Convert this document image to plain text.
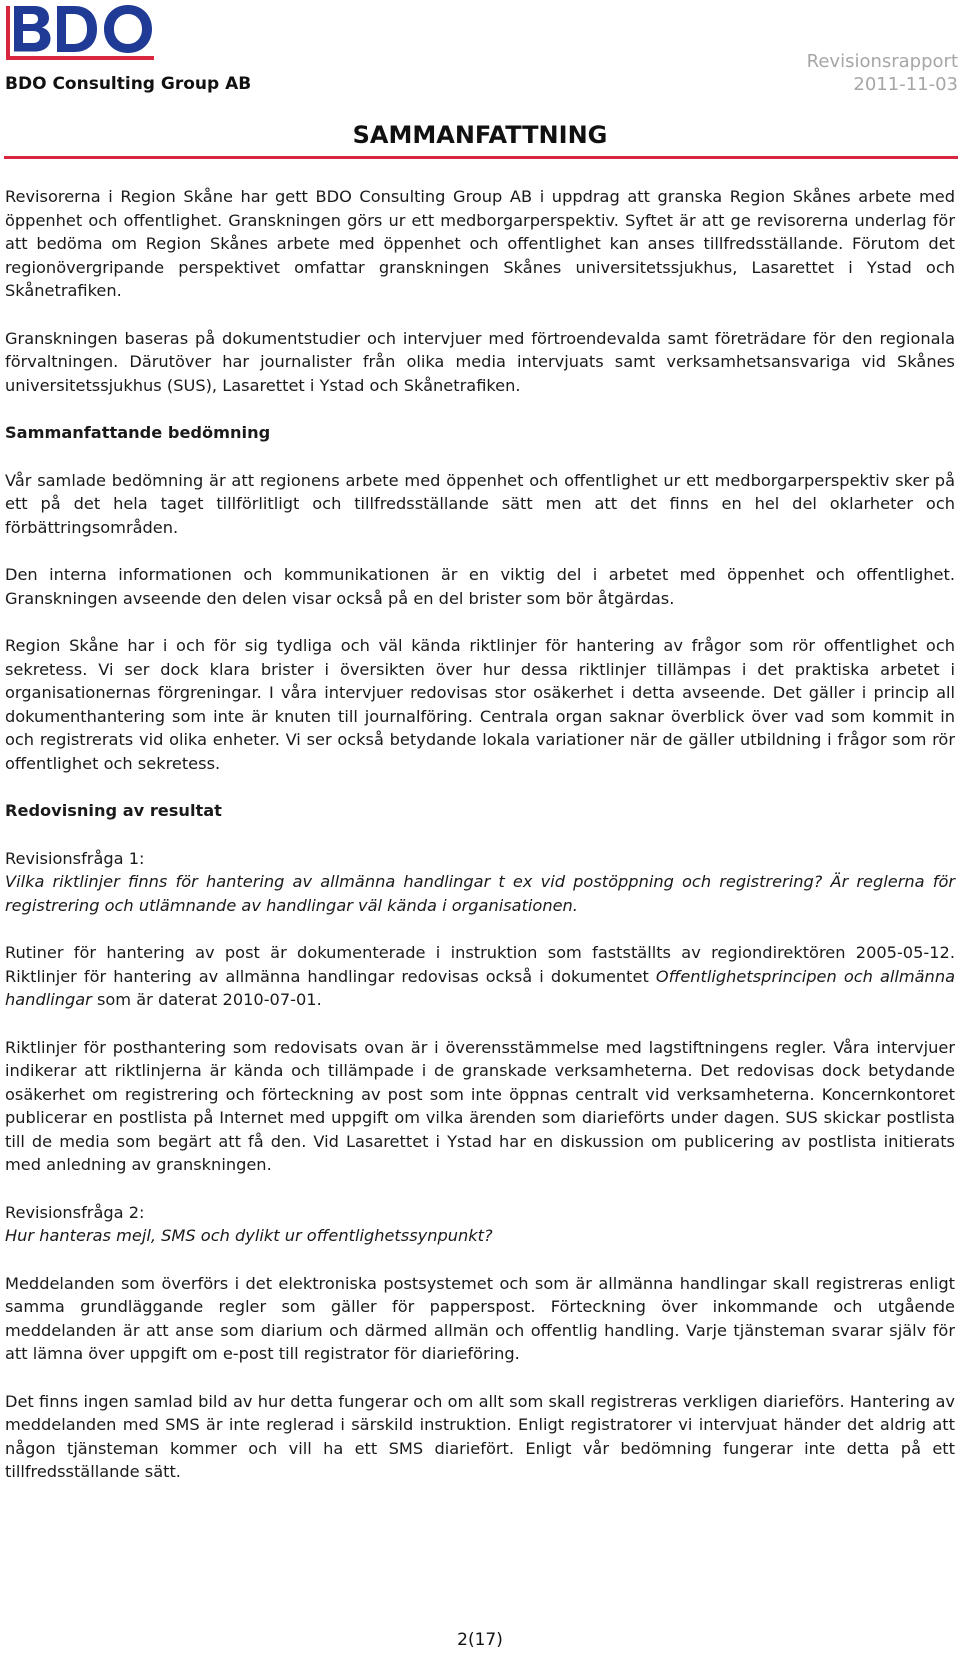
BDO Consulting Group AB
Revisionsrapport
2011-11-03
SAMMANFATTNING

Revisorerna i Region Skåne har gett BDO Consulting Group AB i uppdrag att granska Region Skånes arbete med öppenhet och offentlighet. Granskningen görs ur ett medborgarperspektiv. Syftet är att ge revisorerna underlag för att bedöma om Region Skånes arbete med öppenhet och offentlighet kan anses tillfredsställande. Förutom det regionövergripande perspektivet omfattar granskningen Skånes universitetssjukhus, Lasarettet i Ystad och Skånetrafiken.

Granskningen baseras på dokumentstudier och intervjuer med förtroendevalda samt företrädare för den regionala förvaltningen. Därutöver har journalister från olika media intervjuats samt verksamhetsansvariga vid Skånes universitetssjukhus (SUS), Lasarettet i Ystad och Skånetrafiken.

Sammanfattande bedömning

Vår samlade bedömning är att regionens arbete med öppenhet och offentlighet ur ett medborgarperspektiv sker på ett på det hela taget tillförlitligt och tillfredsställande sätt men att det finns en hel del oklarheter och förbättringsområden.

Den interna informationen och kommunikationen är en viktig del i arbetet med öppenhet och offentlighet. Granskningen avseende den delen visar också på en del brister som bör åtgärdas.

Region Skåne har i och för sig tydliga och väl kända riktlinjer för hantering av frågor som rör offentlighet och sekretess. Vi ser dock klara brister i översikten över hur dessa riktlinjer tillämpas i det praktiska arbetet i organisationernas förgreningar. I våra intervjuer redovisas stor osäkerhet i detta avseende. Det gäller i princip all dokumenthantering som inte är knuten till journalföring. Centrala organ saknar överblick över vad som kommit in och registrerats vid olika enheter. Vi ser också betydande lokala variationer när de gäller utbildning i frågor som rör offentlighet och sekretess.

Redovisning av resultat

Revisionsfråga 1:

Vilka riktlinjer finns för hantering av allmänna handlingar t ex vid postöppning och registrering? Är reglerna för registrering och utlämnande av handlingar väl kända i organisationen.

Rutiner för hantering av post är dokumenterade i instruktion som fastställts av regiondirektören 2005-05-12. Riktlinjer för hantering av allmänna handlingar redovisas också i dokumentet Offentlighetsprincipen och allmänna handlingar som är daterat 2010-07-01.

Riktlinjer för posthantering som redovisats ovan är i överensstämmelse med lagstiftningens regler. Våra intervjuer indikerar att riktlinjerna är kända och tillämpade i de granskade verksamheterna. Det redovisas dock betydande osäkerhet om registrering och förteckning av post som inte öppnas centralt vid verksamheterna. Koncernkontoret publicerar en postlista på Internet med uppgift om vilka ärenden som diarieförts under dagen. SUS skickar postlista till de media som begärt att få den. Vid Lasarettet i Ystad har en diskussion om publicering av postlista initierats med anledning av granskningen.

Revisionsfråga 2:

Hur hanteras mejl, SMS och dylikt ur offentlighetssynpunkt?

Meddelanden som överförs i det elektroniska postsystemet och som är allmänna handlingar skall registreras enligt samma grundläggande regler som gäller för papperspost. Förteckning över inkommande och utgående meddelanden är att anse som diarium och därmed allmän och offentlig handling. Varje tjänsteman svarar själv för att lämna över uppgift om e-post till registrator för diarieföring.

Det finns ingen samlad bild av hur detta fungerar och om allt som skall registreras verkligen diarieförs. Hantering av meddelanden med SMS är inte reglerad i särskild instruktion. Enligt registratorer vi intervjuat händer det aldrig att någon tjänsteman kommer och vill ha ett SMS diariefört. Enligt vår bedömning fungerar inte detta på ett tillfredsställande sätt.

2(17)
